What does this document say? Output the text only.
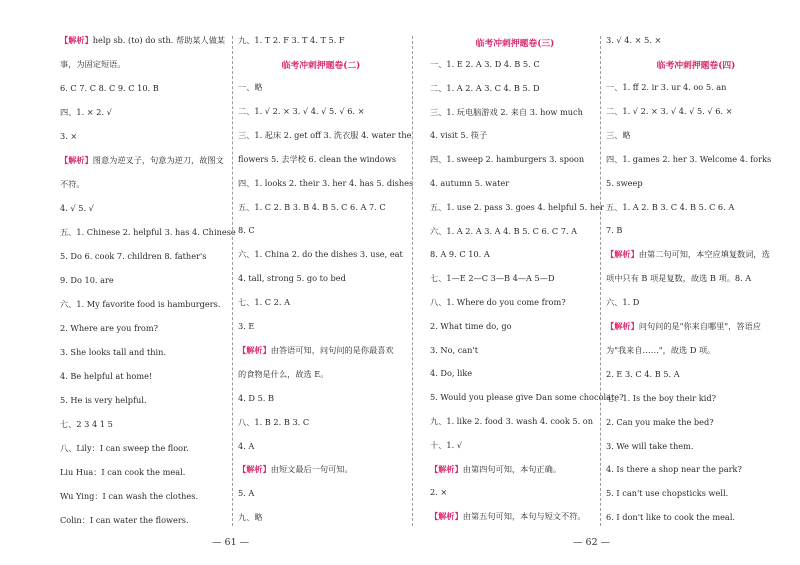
【解析】help sb. (to) do sth. 帮助某人做某
事，为固定短语。
6. C 7. C 8. C 9. C 10. B
四、1. × 2. √
3. ×
【解析】图意为逆叉子，句意为逆刀，故图文
不符。
4. √ 5. √
五、1. Chinese 2. helpful 3. has 4. Chinese
5. Do 6. cook 7. children 8. father's
9. Do 10. are
六、1. My favorite food is hamburgers.
2. Where are you from?
3. She looks tall and thin.
4. Be helpful at home!
5. He is very helpful.
七、2 3 4 1 5
八、Lily：I can sweep the floor.
Liu Hua：I can cook the meal.
Wu Ying：I can wash the clothes.
Colin：I can water the flowers.
九、1. T 2. F 3. T 4. T 5. F
临考冲刺押题卷(二)
一、略
二、1. √ 2. × 3. √ 4. √ 5. √ 6. ×
三、1. 起床 2. get off 3. 洗衣服 4. water the
flowers 5. 去学校 6. clean the windows
四、1. looks 2. their 3. her 4. has 5. dishes
五、1. C 2. B 3. B 4. B 5. C 6. A 7. C
8. C
六、1. China 2. do the dishes 3. use, eat
4. tall, strong 5. go to bed
七、1. C 2. A
3. E
【解析】由答语可知，问句问的是你最喜欢
的食物是什么，故选 E。
4. D 5. B
八、1. B 2. B 3. C
4. A
【解析】由短文最后一句可知。
5. A
九、略
临考冲刺押题卷(三)
一、1. E 2. A 3. D 4. B 5. C
二、1. A 2. A 3. C 4. B 5. D
三、1. 玩电脑游戏 2. 来自 3. how much
4. visit 5. 筷子
四、1. sweep 2. hamburgers 3. spoon
4. autumn 5. water
五、1. use 2. pass 3. goes 4. helpful 5. her
六、1. A 2. A 3. A 4. B 5. C 6. C 7. A
8. A 9. C 10. A
七、1—E 2—C 3—B 4—A 5—D
八、1. Where do you come from?
2. What time do, go
3. No, can't
4. Do, like
5. Would you please give Dan some chocolate?
九、1. like 2. food 3. wash 4. cook 5. on
十、1. √
【解析】由第四句可知，本句正确。
2. ×
【解析】由第五句可知，本句与短文不符。
3. √ 4. × 5. ×
临考冲刺押题卷(四)
一、1. ff 2. ir 3. ur 4. oo 5. an
二、1. √ 2. × 3. √ 4. √ 5. √ 6. ×
三、略
四、1. games 2. her 3. Welcome 4. forks
5. sweep
五、1. A 2. B 3. C 4. B 5. C 6. A
7. B
【解析】由第二句可知，本空应填复数词，选
项中只有 B 项是复数，故选 B 项。8. A
六、1. D
【解析】问句问的是"你来自哪里"，答语应
为"我来自……"，故选 D 项。
2. E 3. C 4. B 5. A
七、1. Is the boy their kid?
2. Can you make the bed?
3. We will take them.
4. Is there a shop near the park?
5. I can't use chopsticks well.
6. I don't like to cook the meal.
— 61 —	— 62 —
